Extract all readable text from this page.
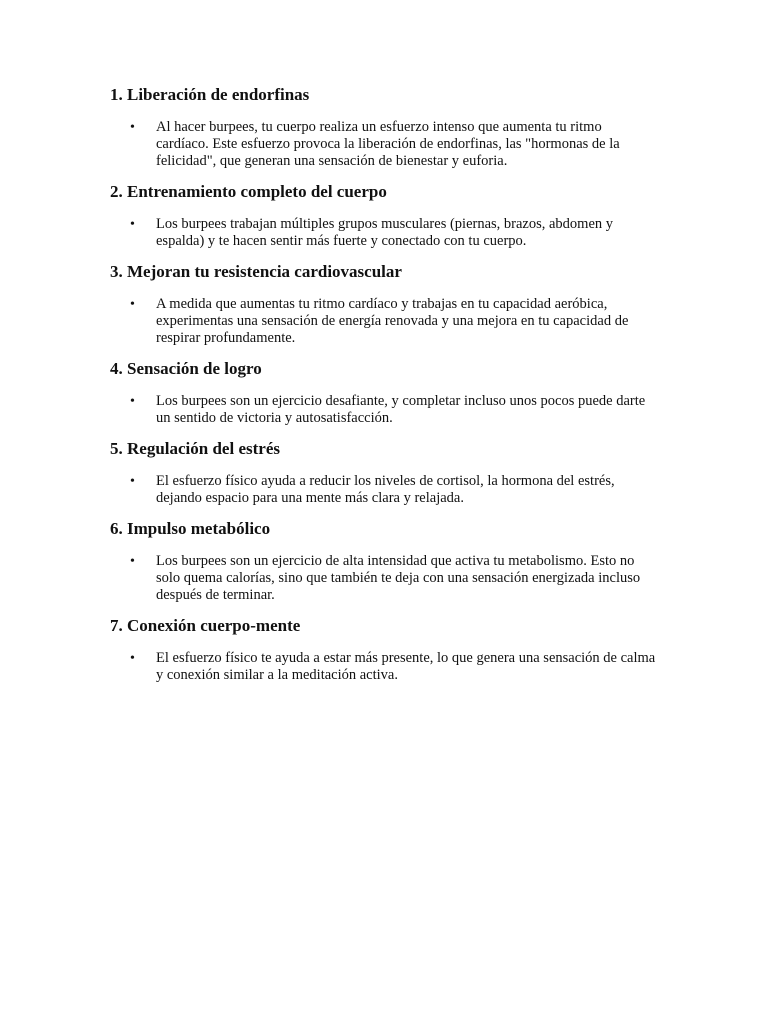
1. Liberación de endorfinas
• Al hacer burpees, tu cuerpo realiza un esfuerzo intenso que aumenta tu ritmo cardíaco. Este esfuerzo provoca la liberación de endorfinas, las "hormonas de la felicidad", que generan una sensación de bienestar y euforia.
2. Entrenamiento completo del cuerpo
• Los burpees trabajan múltiples grupos musculares (piernas, brazos, abdomen y espalda) y te hacen sentir más fuerte y conectado con tu cuerpo.
3. Mejoran tu resistencia cardiovascular
• A medida que aumentas tu ritmo cardíaco y trabajas en tu capacidad aeróbica, experimentas una sensación de energía renovada y una mejora en tu capacidad de respirar profundamente.
4. Sensación de logro
• Los burpees son un ejercicio desafiante, y completar incluso unos pocos puede darte un sentido de victoria y autosatisfacción.
5. Regulación del estrés
• El esfuerzo físico ayuda a reducir los niveles de cortisol, la hormona del estrés, dejando espacio para una mente más clara y relajada.
6. Impulso metabólico
• Los burpees son un ejercicio de alta intensidad que activa tu metabolismo. Esto no solo quema calorías, sino que también te deja con una sensación energizada incluso después de terminar.
7. Conexión cuerpo-mente
• El esfuerzo físico te ayuda a estar más presente, lo que genera una sensación de calma y conexión similar a la meditación activa.
